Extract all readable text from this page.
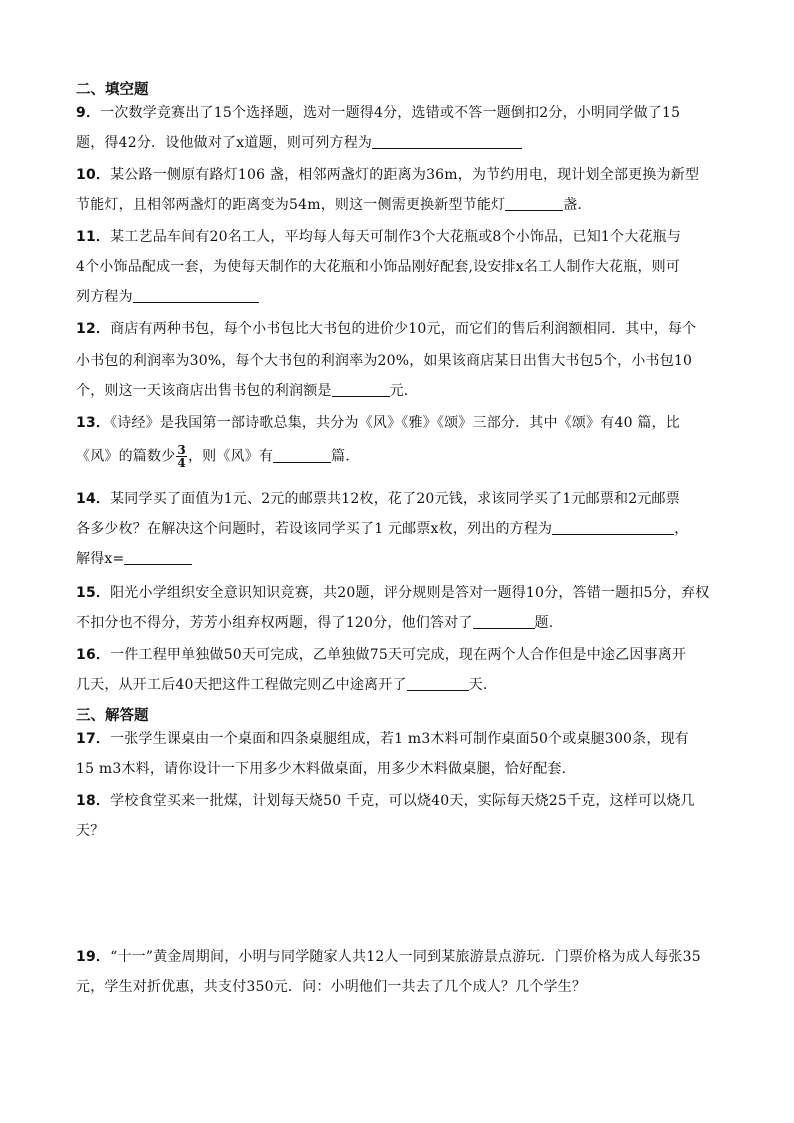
二、填空题
9．一次数学竞赛出了15个选择题，选对一题得4分，选错或不答一题倒扣2分，小明同学做了15
题，得42分．设他做对了x道题，则可列方程为
10．某公路一侧原有路灯106 盏，相邻两盏灯的距离为36m，为节约用电，现计划全部更换为新型
节能灯，且相邻两盏灯的距离变为54m，则这一侧需更换新型节能灯	盏．
11．某工艺品车间有20名工人，平均每人每天可制作3个大花瓶或8个小饰品，已知1个大花瓶与
4个小饰品配成一套，为使每天制作的大花瓶和小饰品刚好配套,设安排x名工人制作大花瓶，则可
列方程为
12．商店有两种书包，每个小书包比大书包的进价少10元，而它们的售后利润额相同．其中，每个
小书包的利润率为30%，每个大书包的利润率为20%，如果该商店某日出售大书包5个，小书包10
个，则这一天该商店出售书包的利润额是	元．
13．《诗经》是我国第一部诗歌总集，共分为《风》《雅》《颂》三部分．其中《颂》有40 篇，比
《风》的篇数少 $\frac{3}{4}$ ，则《风》有	篇．
14．某同学买了面值为1元、2元的邮票共12枚，花了20元钱，求该同学买了1元邮票和2元邮票
各多少枚？在解决这个问题时，若设该同学买了1 元邮票x枚，列出的方程为	，
解得x=
15．阳光小学组织安全意识知识竞赛，共20题，评分规则是答对一题得10分，答错一题扣5分，弃权
不扣分也不得分，芳芳小组弃权两题，得了120分，他们答对了	题.
16．一件工程甲单独做50天可完成，乙单独做75天可完成，现在两个人合作但是中途乙因事离开
几天，从开工后40天把这件工程做完则乙中途离开了	天.
三、解答题
17．一张学生课桌由一个桌面和四条桌腿组成，若1 m3木料可制作桌面50个或桌腿300条，现有
15 m3木料，请你设计一下用多少木料做桌面，用多少木料做桌腿，恰好配套.
18．学校食堂买来一批煤，计划每天烧50 千克，可以烧40天，实际每天烧25千克，这样可以烧几
天？
19．“十一”黄金周期间，小明与同学随家人共12人一同到某旅游景点游玩．门票价格为成人每张35
元，学生对折优惠，共支付350元．问：小明他们一共去了几个成人？几个学生？
